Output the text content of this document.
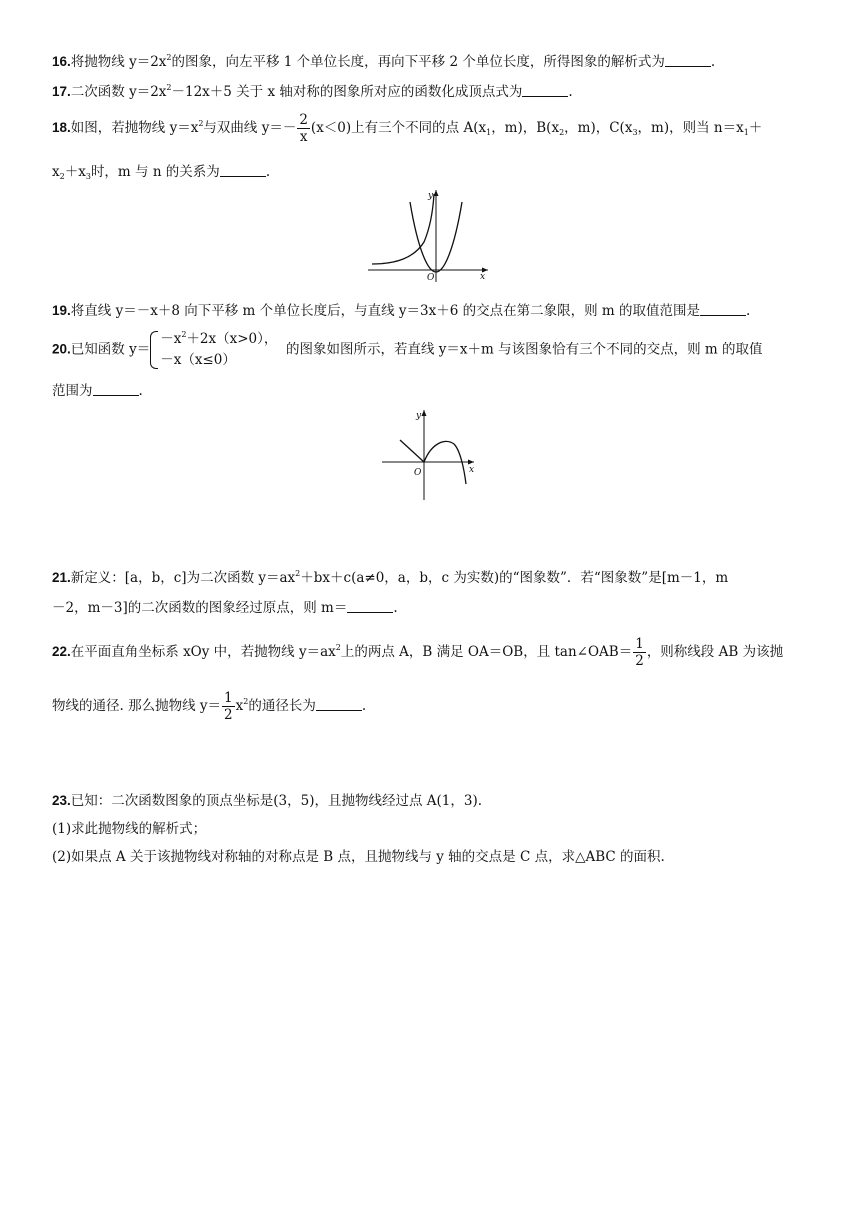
16.将抛物线 $y=2x^2$的图象，向左平移 1 个单位长度，再向下平移 2 个单位长度，所得图象的解析式为	.
17.二次函数 $y=2x^2-12x+5$ 关于 x 轴对称的图象所对应的函数化成顶点式为	.
18.如图，若抛物线 $y=x^2$与双曲线 $y=- \frac{2}{x} (x<0)$上有三个不同的点 $A(x_1$，m)，$B(x_2$，m)，$C(x_3$，m)，则当 $n=x_1+$
$x_2+x_3$时，m 与 n 的关系为	.
x
y
O
19.将直线 y＝－x＋8 向下平移 m 个单位长度后，与直线 y＝3x＋6 的交点在第二象限，则 m 的取值范围是	.
20.已知函数 y＝
$-x^2+2x(x>0)$，
－x（x≤0）
的图象如图所示，若直线 y＝x＋m 与该图象恰有三个不同的交点，则 m 的取值
范围为	.
x
y
O
21.新定义：[a，b，c]为二次函数 $y=ax^2+bx+c(a\ne 0$，a，b，c 为实数)的“图象数”．若“图象数”是[m－1，m
－2，m－3]的二次函数的图象经过原点，则 m＝	.
22.在平面直角坐标系 xOy 中，若抛物线 $y=ax^2$上的两点 A，B 满足 OA＝OB，且 tan∠OAB＝ $\frac{1}{2}$ ，则称线段 AB 为该抛
物线的通径. 那么抛物线 $y= \frac{1}{2} x^2$的通径长为	.
23.已知：二次函数图象的顶点坐标是(3，5)，且抛物线经过点 A(1，3).
(1)求此抛物线的解析式；
(2)如果点 A 关于该抛物线对称轴的对称点是 B 点，且抛物线与 y 轴的交点是 C 点，求△ABC 的面积.
